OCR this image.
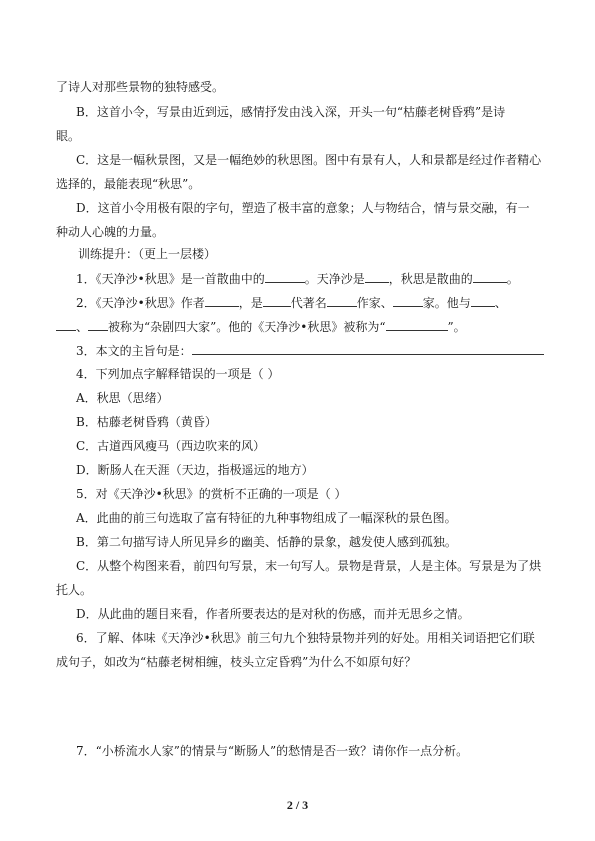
了诗人对那些景物的独特感受。
B．这首小令，写景由近到远，感情抒发由浅入深，开头一句“枯藤老树昏鸦”是诗
眼。
C．这是一幅秋景图，又是一幅绝妙的秋思图。图中有景有人，人和景都是经过作者精心
选择的，最能表现“秋思”。
D．这首小令用极有限的字句，塑造了极丰富的意象；人与物结合，情与景交融，有一
种动人心魄的力量。
训练提升：（更上一层楼）
1．《天净沙•秋思》是一首散曲中的	。天净沙是 ，秋思是散曲的	。
2．《天净沙•秋思》作者	，是 代著名	作家、	家。他与 、
、 被称为“杂剧四大家”。他的《天净沙•秋思》被称为“	”。
3．本文的主旨句是：
4．下列加点字解释错误的一项是（ ）
A．秋思（思绪）
B．枯藤老树昏鸦（黄昏）
C．古道西风瘦马（西边吹来的风）
D．断肠人在天涯（天边，指极遥远的地方）
5．对《天净沙•秋思》的赏析不正确的一项是（ ）
A．此曲的前三句选取了富有特征的九种事物组成了一幅深秋的景色图。
B．第二句描写诗人所见异乡的幽美、恬静的景象，越发使人感到孤独。
C．从整个构图来看，前四句写景，末一句写人。景物是背景，人是主体。写景是为了烘
托人。
D．从此曲的题目来看，作者所要表达的是对秋的伤感，而并无思乡之情。
6．了解、体味《天净沙•秋思》前三句九个独特景物并列的好处。用相关词语把它们联
成句子，如改为“枯藤老树相缠，枝头立定昏鸦”为什么不如原句好？
7．“小桥流水人家”的情景与“断肠人”的愁情是否一致？请你作一点分析。
2 / 3
